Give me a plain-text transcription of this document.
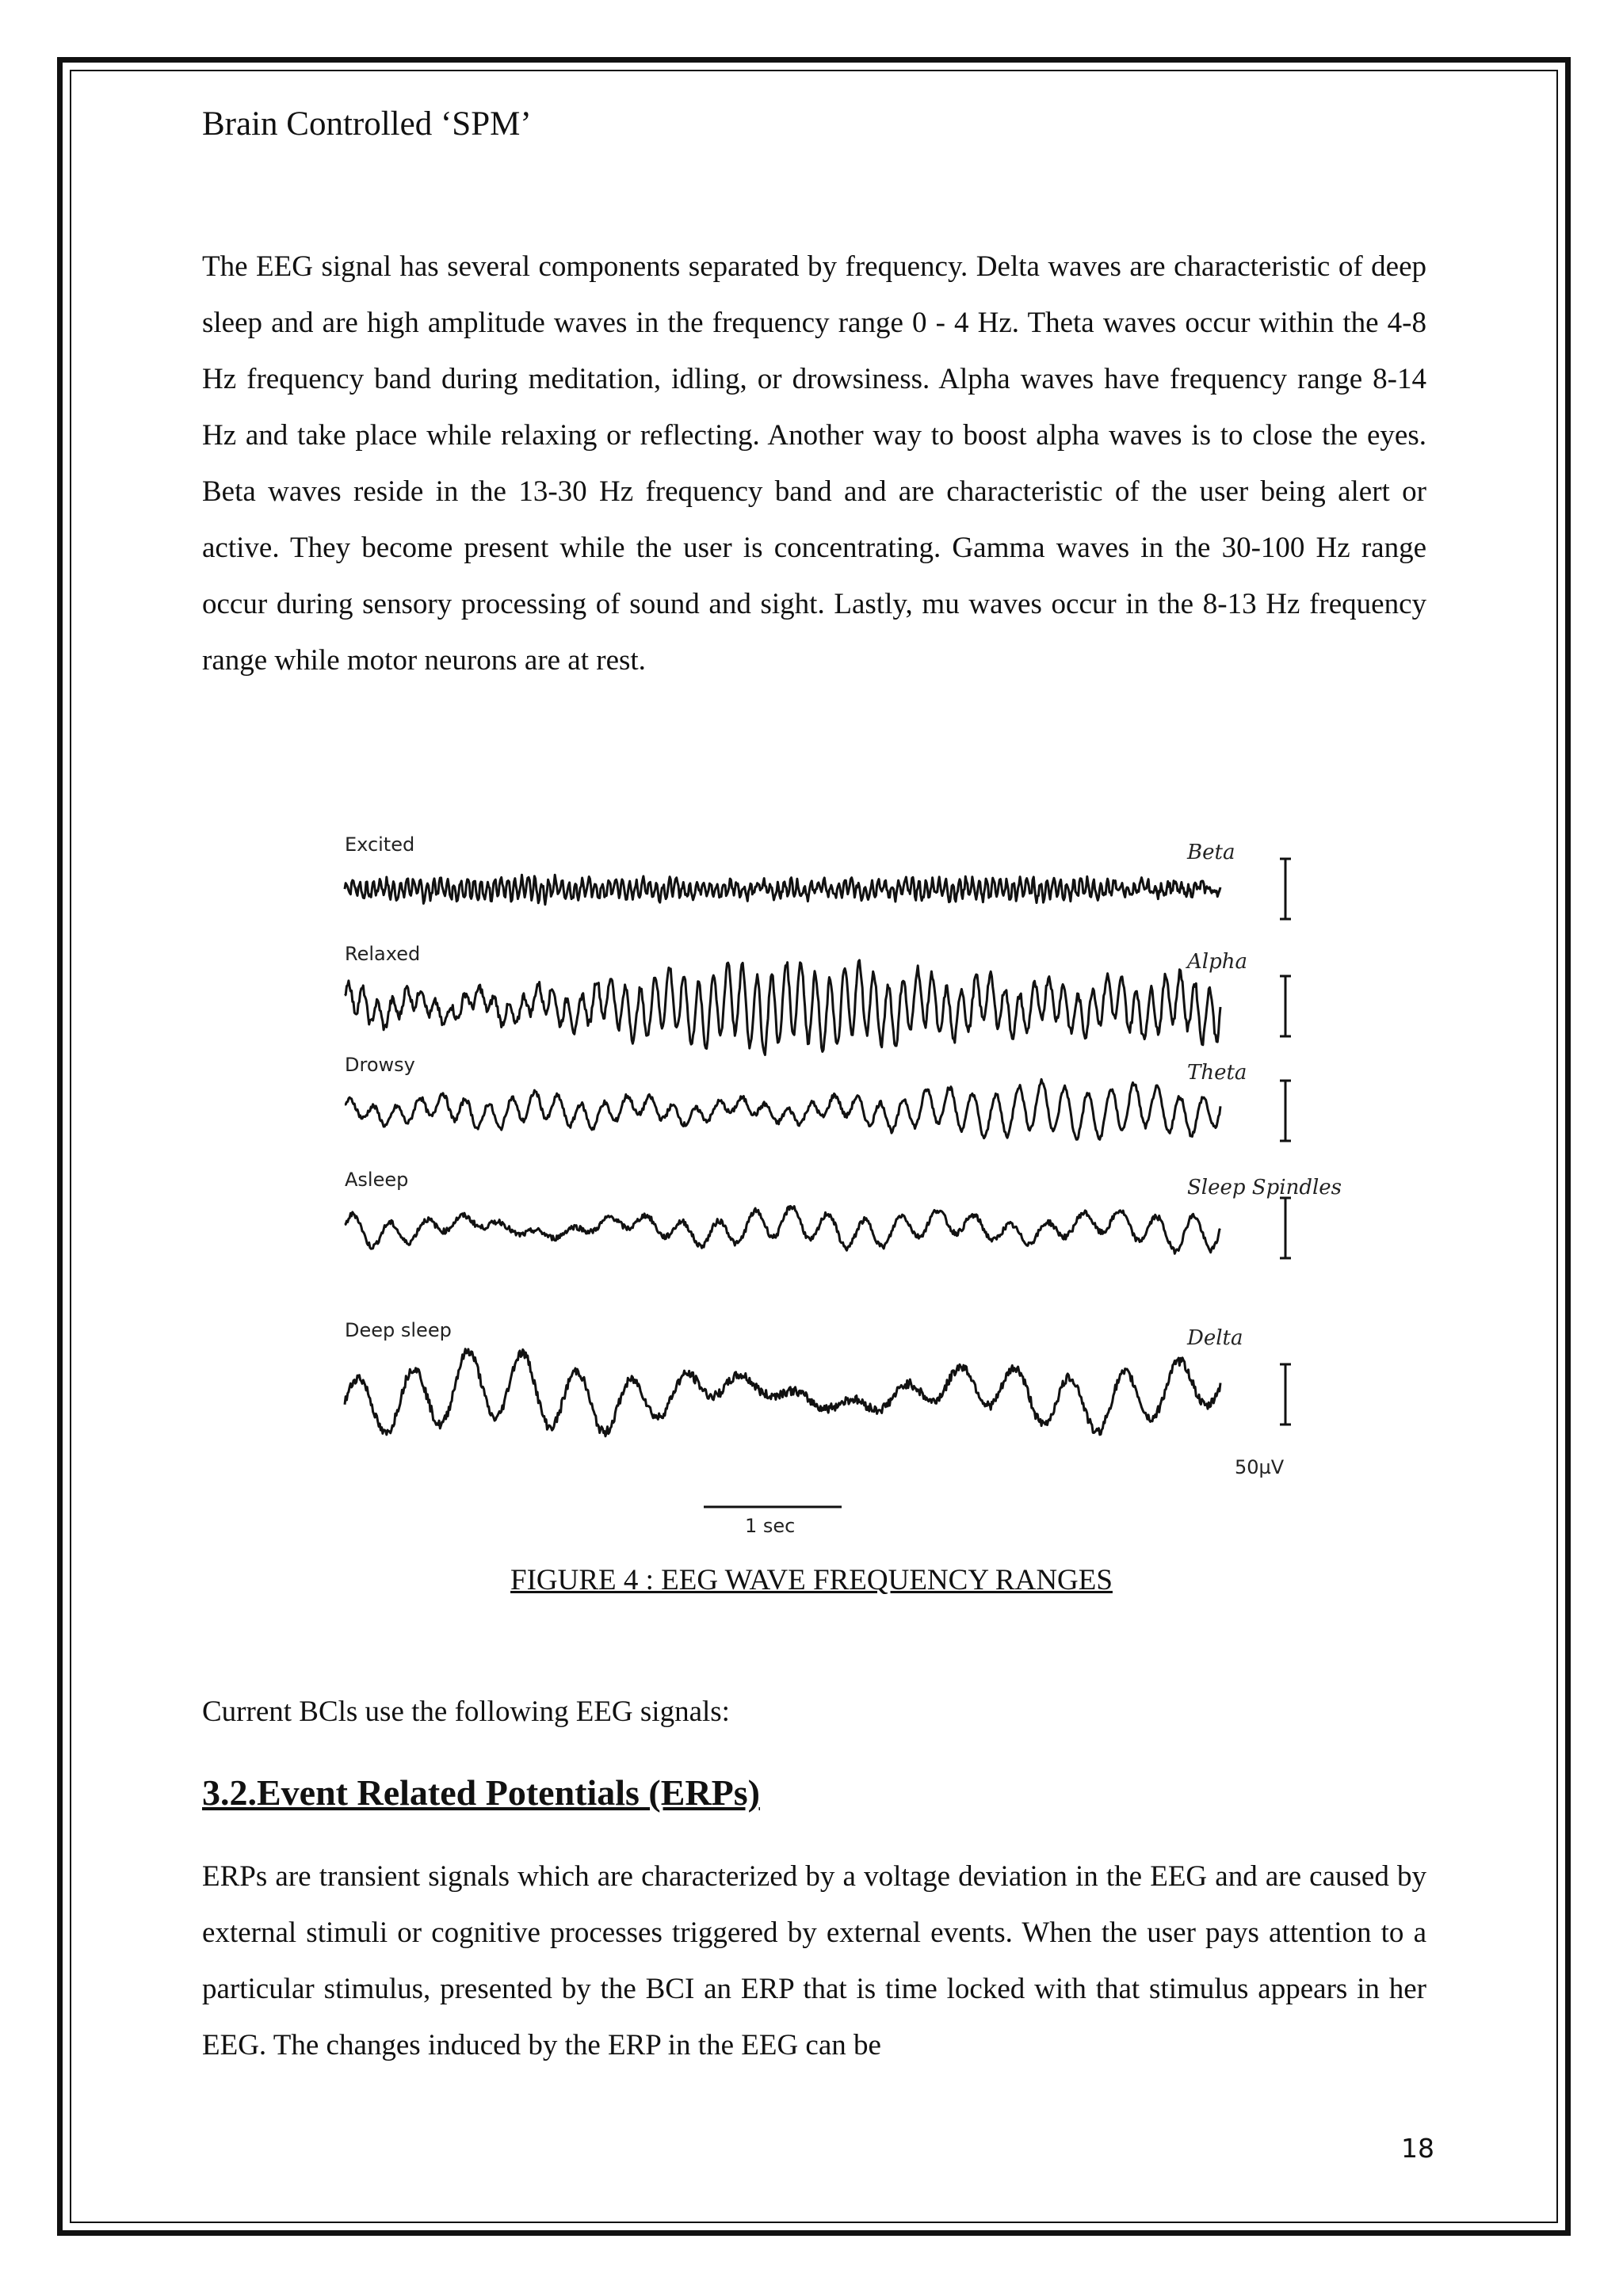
Brain Controlled ‘SPM’

The EEG signal has several components separated by frequency. Delta waves are characteristic of deep sleep and are high amplitude waves in the frequency range 0 - 4 Hz. Theta waves occur within the 4-8 Hz frequency band during meditation, idling, or drowsiness. Alpha waves have frequency range 8-14 Hz and take place while relaxing or reflecting. Another way to boost alpha waves is to close the eyes. Beta waves reside in the 13-30 Hz frequency band and are characteristic of the user being alert or active. They become present while the user is concentrating. Gamma waves in the 30-100 Hz range occur during sensory processing of sound and sight. Lastly, mu waves occur in the 8-13 Hz frequency range while motor neurons are at rest.

Excited	Beta
Relaxed	Alpha
Drowsy	Theta
Asleep	Sleep Spindles
Deep sleep	Delta
50µV
1 sec
FIGURE 4 : EEG WAVE FREQUENCY RANGES

Current BCls use the following EEG signals:

3.2.Event Related Potentials (ERPs)

ERPs are transient signals which are characterized by a voltage deviation in the EEG and are caused by external stimuli or cognitive processes triggered by external events. When the user pays attention to a particular stimulus, presented by the BCI an ERP that is time locked with that stimulus appears in her EEG. The changes induced by the ERP in the EEG can be

18
